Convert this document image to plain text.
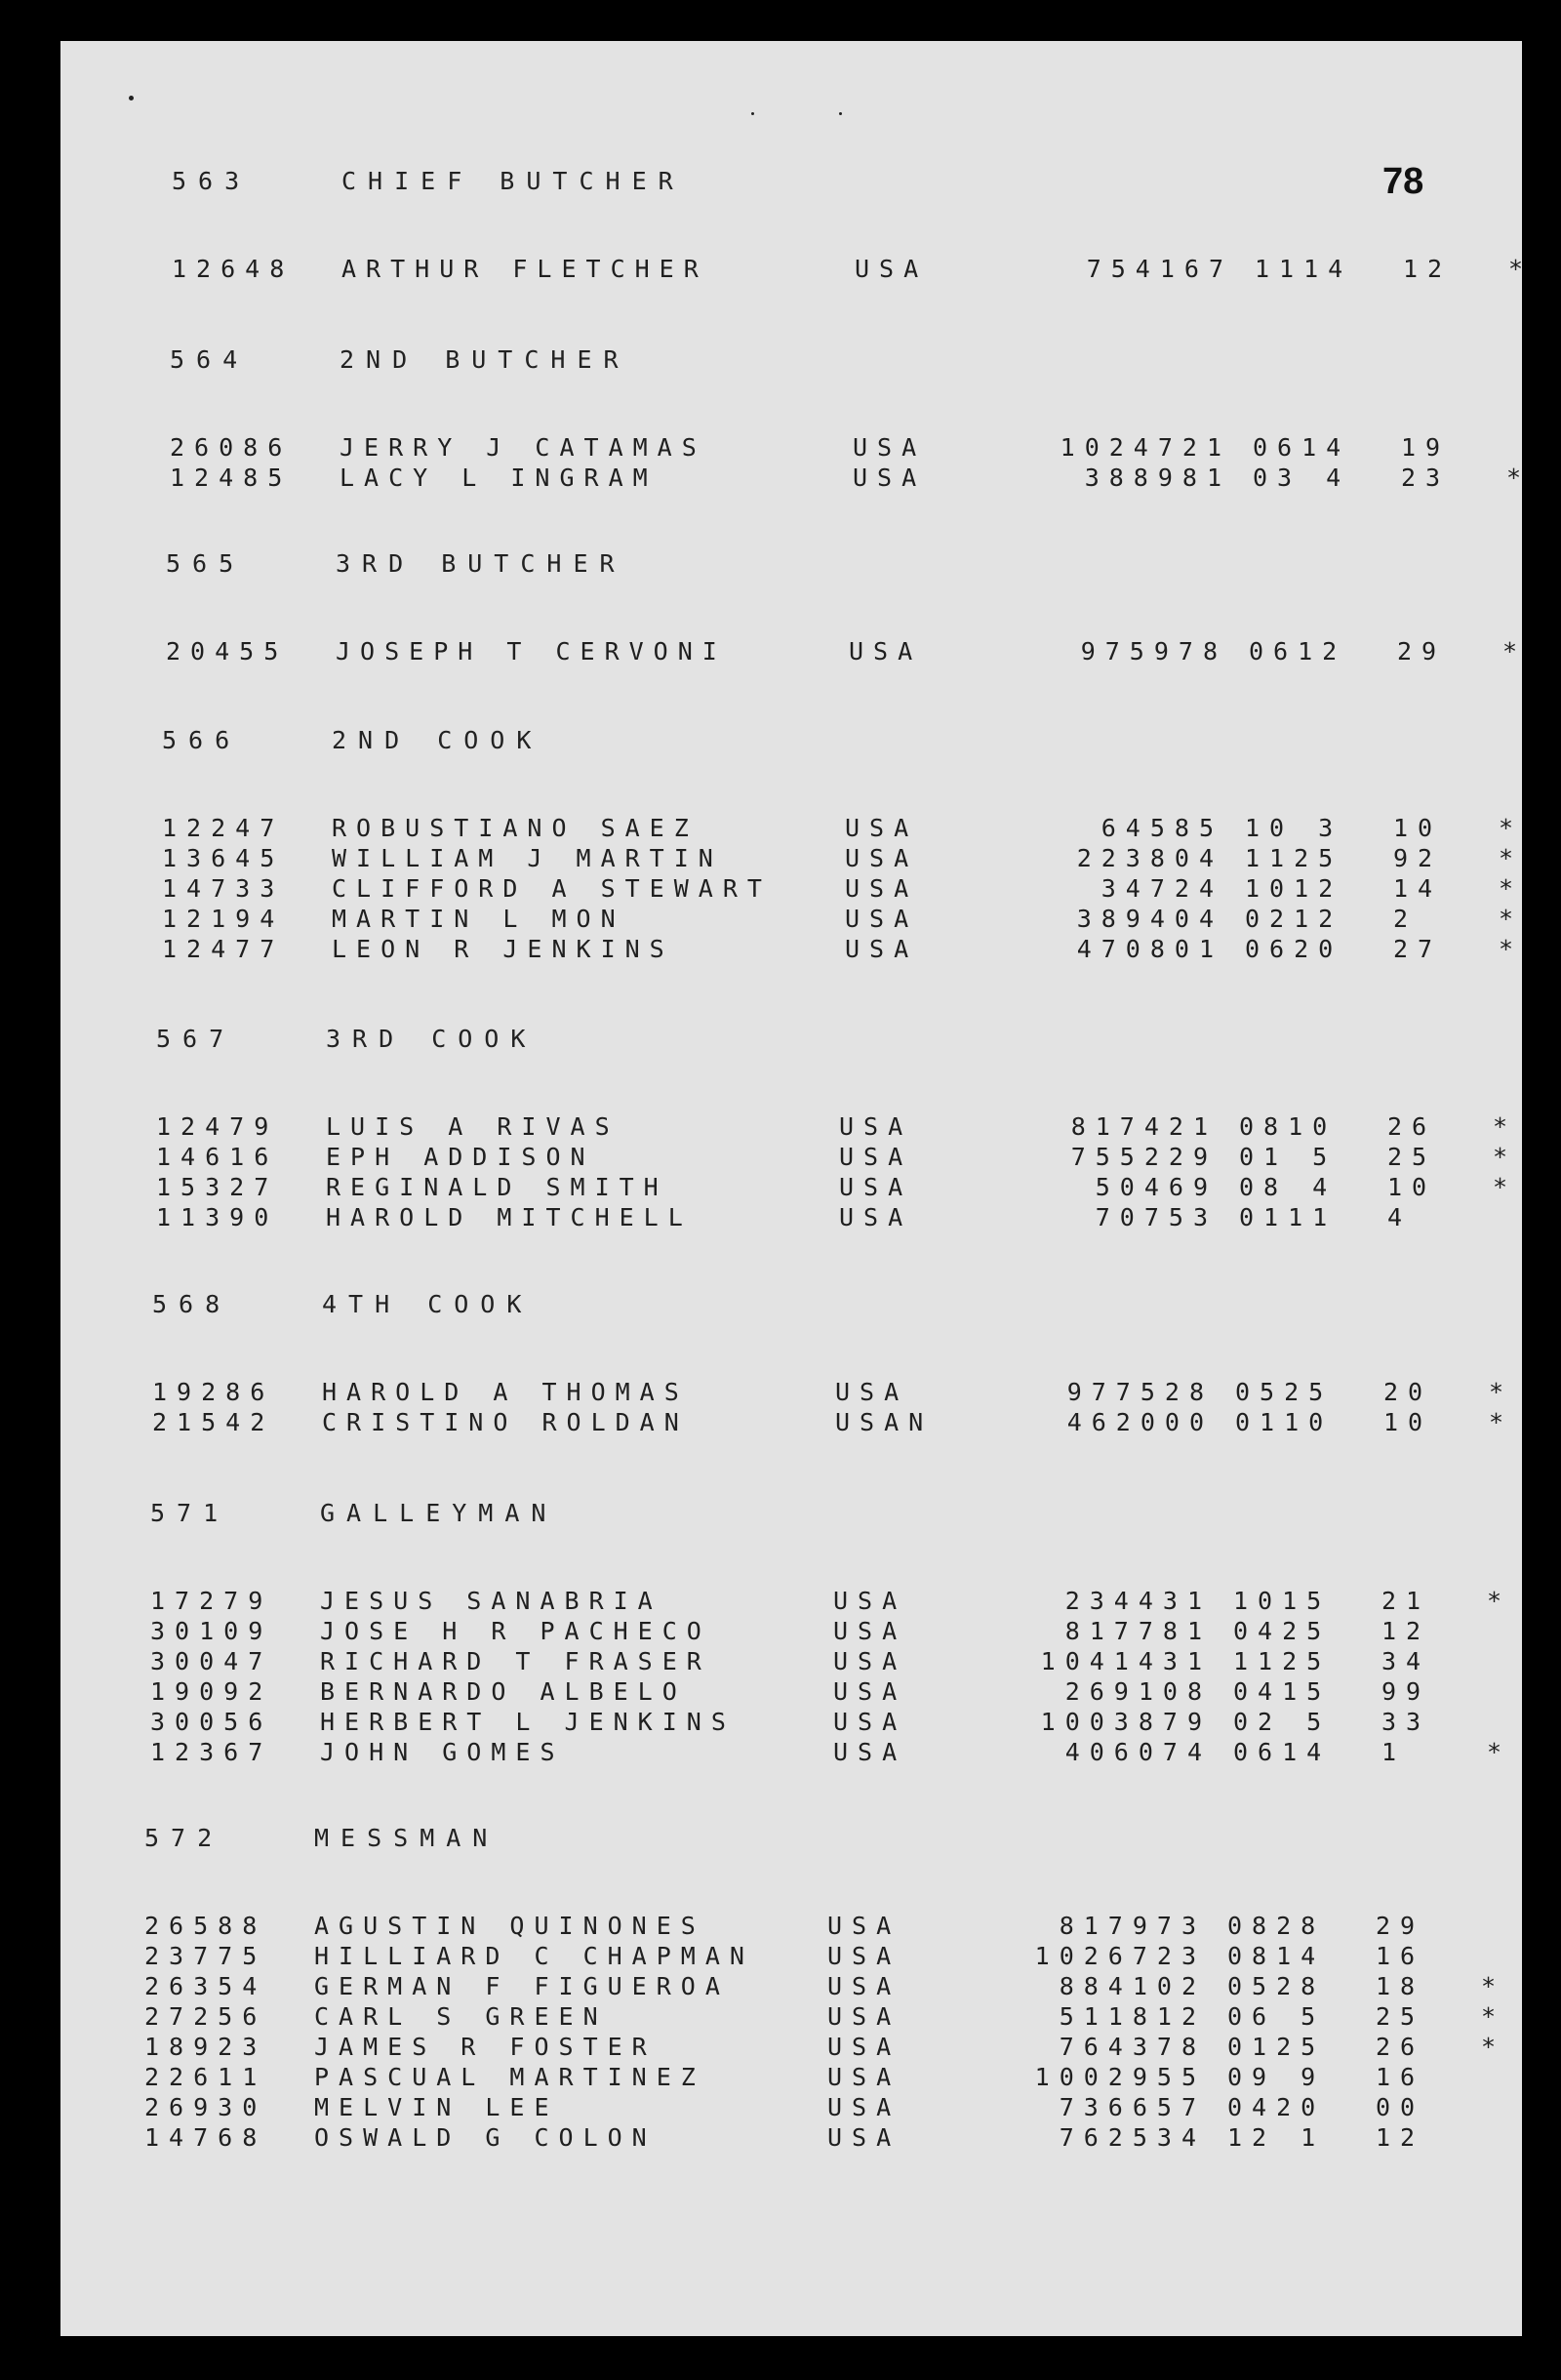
78
563	CHIEF BUTCHER
12648 ARTHUR FLETCHER	USA	754167 1114 12 *
564	2ND BUTCHER
26086 JERRY J CATAMAS	USA	1024721 0614 19
12485 LACY L INGRAM	USA	388981 03 4 23 *
565	3RD BUTCHER
20455 JOSEPH T CERVONI	USA	975978 0612 29 *
566	2ND COOK
12247 ROBUSTIANO SAEZ	USA	64585 10 3 10 *
13645 WILLIAM J MARTIN	USA	223804 1125 92 *
14733 CLIFFORD A STEWART	USA	34724 1012 14 *
12194 MARTIN L MON	USA	389404 0212 2	*
12477 LEON R JENKINS	USA	470801 0620 27 *
567	3RD COOK
12479 LUIS A RIVAS	USA	817421 0810 26 *
14616 EPH ADDISON	USA	755229 01 5 25 *
15327 REGINALD SMITH	USA	50469 08 4 10 *
11390 HAROLD MITCHELL	USA	70753 0111 4
568	4TH COOK
19286 HAROLD A THOMAS	USA	977528 0525 20 *
21542 CRISTINO ROLDAN	USAN	462000 0110 10 *
571	GALLEYMAN
17279 JESUS SANABRIA	USA	234431 1015 21 *
30109 JOSE H R PACHECO	USA	817781 0425 12
30047 RICHARD T FRASER	USA	1041431 1125 34
19092 BERNARDO ALBELO	USA	269108 0415 99
30056 HERBERT L JENKINS	USA	1003879 02 5 33
12367 JOHN GOMES	USA	406074 0614 1	*
572	MESSMAN
26588 AGUSTIN QUINONES	USA	817973 0828 29
23775 HILLIARD C CHAPMAN	USA	1026723 0814 16
26354 GERMAN F FIGUEROA	USA	884102 0528 18 *
27256 CARL S GREEN	USA	511812 06 5 25 *
18923 JAMES R FOSTER	USA	764378 0125 26 *
22611 PASCUAL MARTINEZ	USA	1002955 09 9 16
26930 MELVIN LEE	USA	736657 0420 00
14768 OSWALD G COLON	USA	762534 12 1 12
